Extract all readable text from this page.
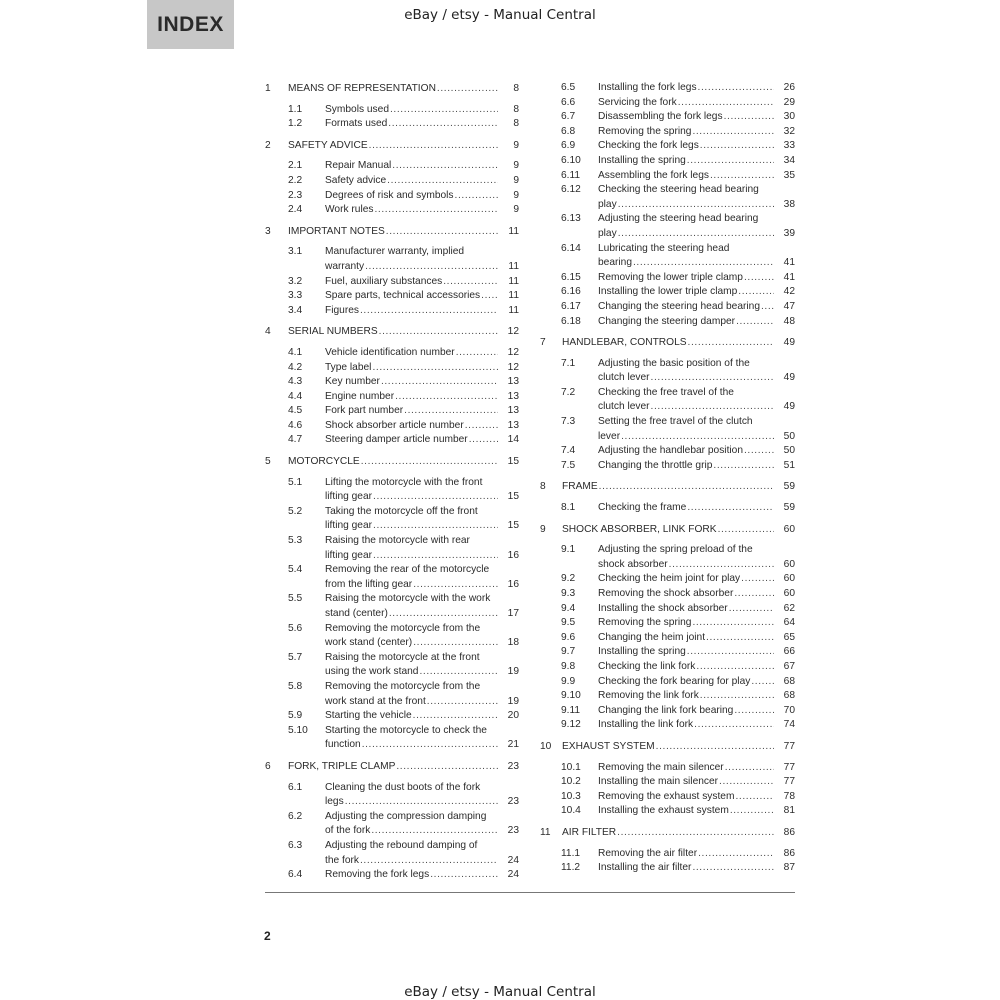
INDEX	eBay / etsy - Manual Central
1	MEANS OF REPRESENTATION .....	8
1.1	Symbols used .....	8
1.2	Formats used .....	8
2	SAFETY ADVICE .....	9
2.1	Repair Manual .....	9
2.2	Safety advice .....	9
2.3	Degrees of risk and symbols .....	9
2.4	Work rules .....	9
3	IMPORTANT NOTES .....	11
3.1	Manufacturer warranty, implied
warranty .....	11
3.2	Fuel, auxiliary substances .....	11
3.3	Spare parts, technical accessories .....	11
3.4	Figures .....	11
4	SERIAL NUMBERS .....	12
4.1	Vehicle identification number .....	12
4.2	Type label .....	12
4.3	Key number .....	13
4.4	Engine number .....	13
4.5	Fork part number .....	13
4.6	Shock absorber article number .....	13
4.7	Steering damper article number .....	14
5	MOTORCYCLE .....	15
5.1	Lifting the motorcycle with the front
lifting gear .....	15
5.2	Taking the motorcycle off the front
lifting gear .....	15
5.3	Raising the motorcycle with rear
lifting gear .....	16
5.4	Removing the rear of the motorcycle
from the lifting gear .....	16
5.5	Raising the motorcycle with the work
stand (center) .....	17
5.6	Removing the motorcycle from the
work stand (center) .....	18
5.7	Raising the motorcycle at the front
using the work stand .....	19
5.8	Removing the motorcycle from the
work stand at the front .....	19
5.9	Starting the vehicle .....	20
5.10	Starting the motorcycle to check the
function .....	21
6	FORK, TRIPLE CLAMP .....	23
6.1	Cleaning the dust boots of the fork
legs .....	23
6.2	Adjusting the compression damping
of the fork .....	23
6.3	Adjusting the rebound damping of
the fork .....	24
6.4	Removing the fork legs .....	24
6.5	Installing the fork legs .....	26
6.6	Servicing the fork .....	29
6.7	Disassembling the fork legs .....	30
6.8	Removing the spring .....	32
6.9	Checking the fork legs .....	33
6.10	Installing the spring .....	34
6.11	Assembling the fork legs .....	35
6.12	Checking the steering head bearing
play .....	38
6.13	Adjusting the steering head bearing
play .....	39
6.14	Lubricating the steering head
bearing .....	41
6.15	Removing the lower triple clamp .....	41
6.16	Installing the lower triple clamp .....	42
6.17	Changing the steering head bearing .....	47
6.18	Changing the steering damper .....	48
7	HANDLEBAR, CONTROLS .....	49
7.1	Adjusting the basic position of the
clutch lever .....	49
7.2	Checking the free travel of the
clutch lever .....	49
7.3	Setting the free travel of the clutch
lever .....	50
7.4	Adjusting the handlebar position .....	50
7.5	Changing the throttle grip .....	51
8	FRAME .....	59
8.1	Checking the frame .....	59
9	SHOCK ABSORBER, LINK FORK .....	60
9.1	Adjusting the spring preload of the
shock absorber .....	60
9.2	Checking the heim joint for play .....	60
9.3	Removing the shock absorber .....	60
9.4	Installing the shock absorber .....	62
9.5	Removing the spring .....	64
9.6	Changing the heim joint .....	65
9.7	Installing the spring .....	66
9.8	Checking the link fork .....	67
9.9	Checking the fork bearing for play .....	68
9.10	Removing the link fork .....	68
9.11	Changing the link fork bearing .....	70
9.12	Installing the link fork .....	74
10	EXHAUST SYSTEM .....	77
10.1	Removing the main silencer .....	77
10.2	Installing the main silencer .....	77
10.3	Removing the exhaust system .....	78
10.4	Installing the exhaust system .....	81
11	AIR FILTER .....	86
11.1	Removing the air filter .....	86
11.2	Installing the air filter .....	87
2
eBay / etsy - Manual Central
